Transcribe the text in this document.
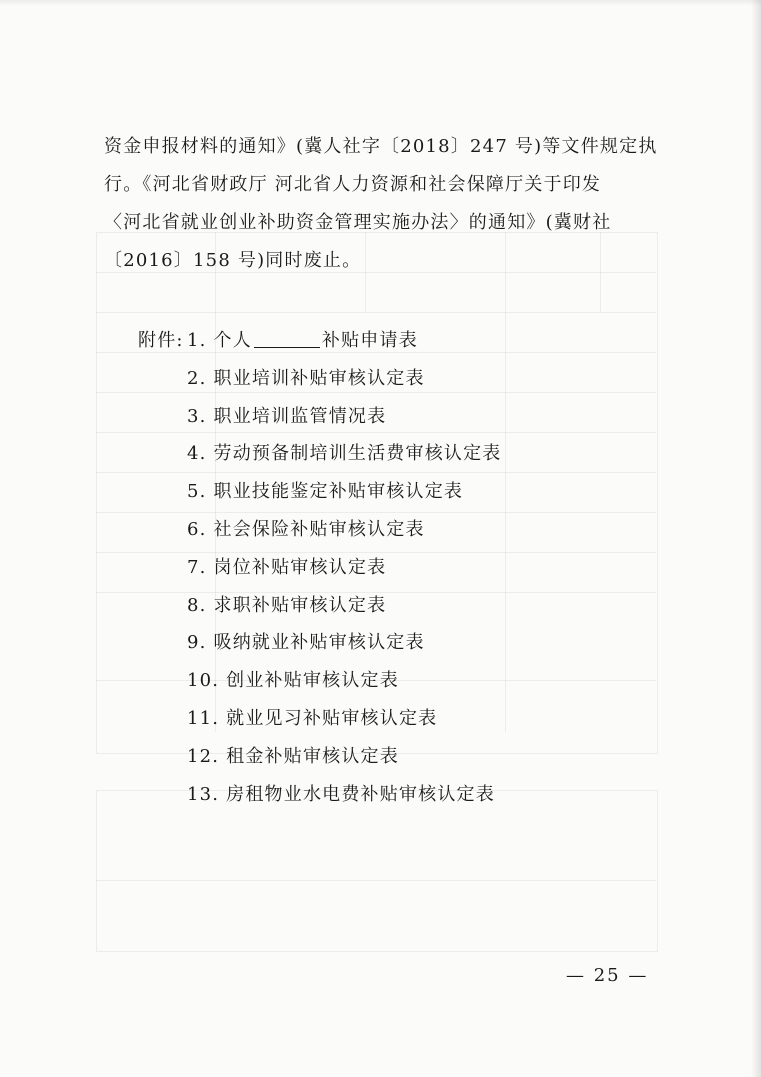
资金申报材料的通知》(冀人社字〔2018〕247 号)等文件规定执
行。《河北省财政厅 河北省人力资源和社会保障厅关于印发
〈河北省就业创业补助资金管理实施办法〉的通知》(冀财社
〔2016〕158 号)同时废止。
附件: 1. 个人	补贴申请表
2. 职业培训补贴审核认定表
3. 职业培训监管情况表
4. 劳动预备制培训生活费审核认定表
5. 职业技能鉴定补贴审核认定表
6. 社会保险补贴审核认定表
7. 岗位补贴审核认定表
8. 求职补贴审核认定表
9. 吸纳就业补贴审核认定表
10. 创业补贴审核认定表
11. 就业见习补贴审核认定表
12. 租金补贴审核认定表
13. 房租物业水电费补贴审核认定表
— 25 —
